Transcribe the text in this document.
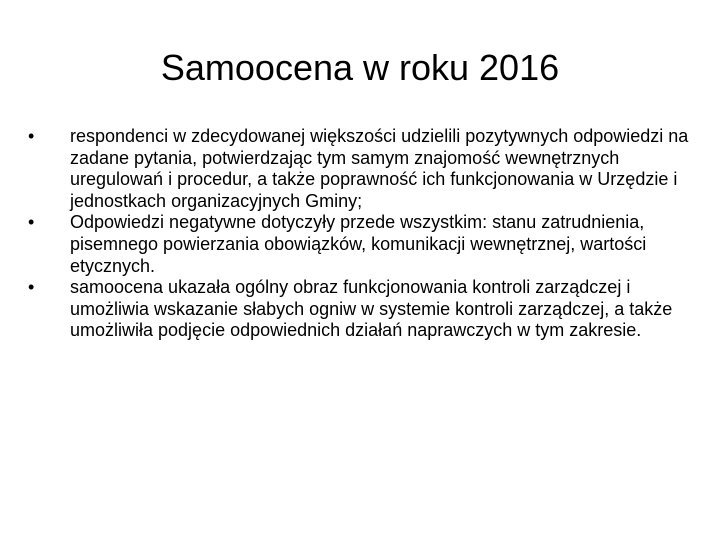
Samoocena w roku 2016
•	respondenci w zdecydowanej większości udzielili pozytywnych odpowiedzi na zadane pytania, potwierdzając tym samym znajomość wewnętrznych uregulowań i procedur, a także poprawność ich funkcjonowania w Urzędzie i jednostkach organizacyjnych Gminy;
•	Odpowiedzi negatywne dotyczyły przede wszystkim: stanu zatrudnienia, pisemnego powierzania obowiązków, komunikacji wewnętrznej, wartości etycznych.
•	samoocena ukazała ogólny obraz funkcjonowania kontroli zarządczej i umożliwia wskazanie słabych ogniw w systemie kontroli zarządczej, a także umożliwiła podjęcie odpowiednich działań naprawczych w tym zakresie.
